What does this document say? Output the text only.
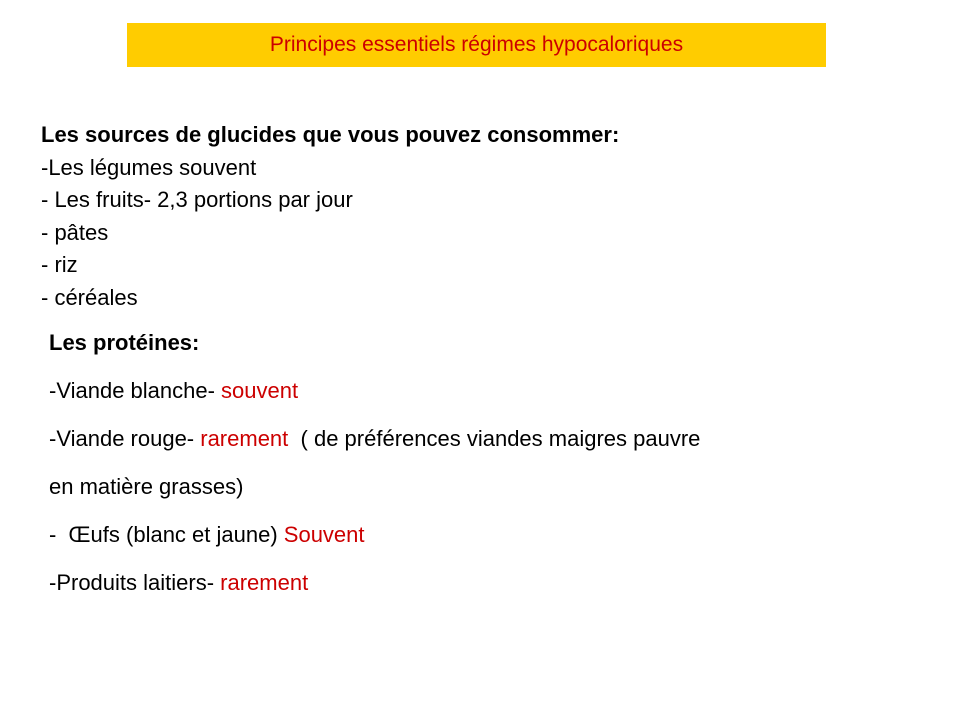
Principes essentiels régimes hypocaloriques
Les sources de glucides que vous pouvez consommer:
-Les légumes souvent
- Les fruits- 2,3 portions par jour
- pâtes
- riz
- céréales
Les protéines:
-Viande blanche- souvent
-Viande rouge- rarement  ( de préférences viandes maigres pauvre
en matière grasses)
-  Œufs (blanc et jaune) Souvent
-Produits laitiers- rarement
